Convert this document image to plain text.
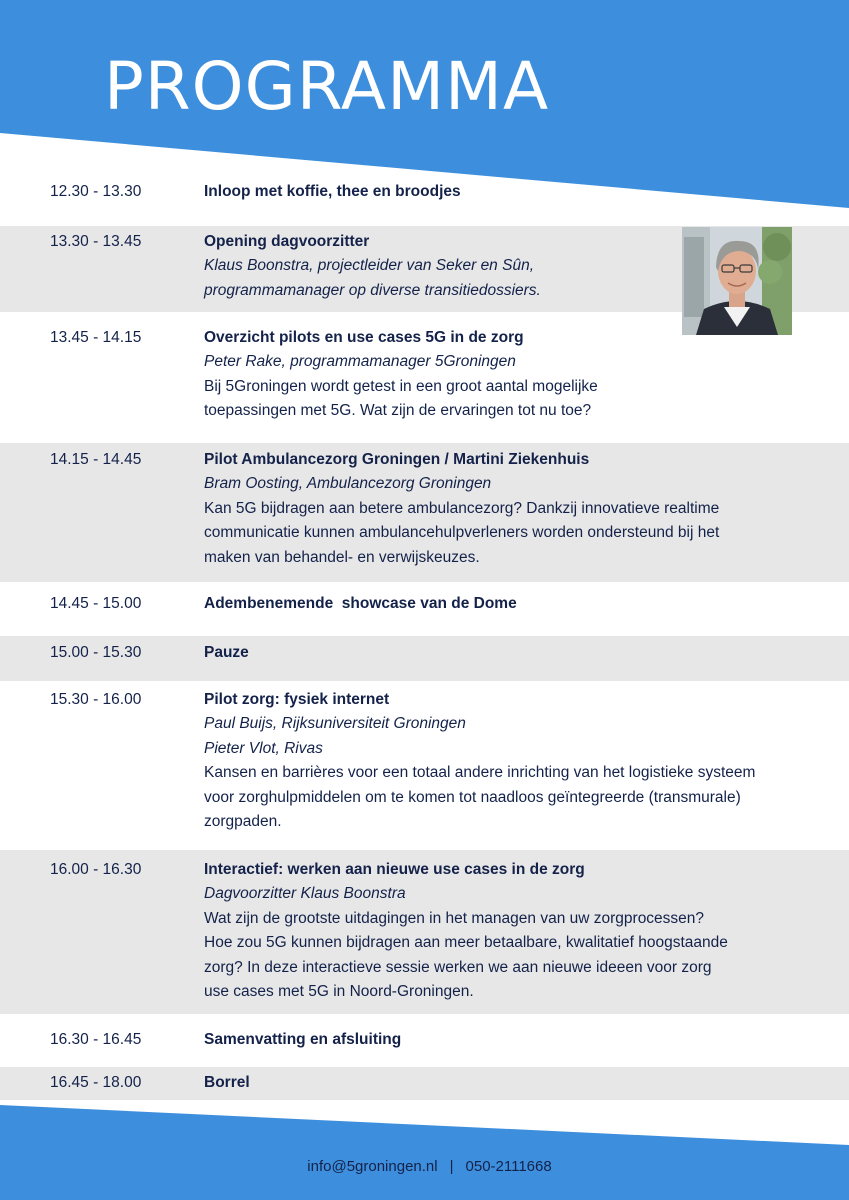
PROGRAMMA
12.30 - 13.30	Inloop met koffie, thee en broodjes
13.30 - 13.45	Opening dagvoorzitter
Klaus Boonstra, projectleider van Seker en Sûn,
programmamanager op diverse transitiedossiers.
13.45 - 14.15	Overzicht pilots en use cases 5G in de zorg
Peter Rake, programmamanager 5Groningen
Bij 5Groningen wordt getest in een groot aantal mogelijke
toepassingen met 5G. Wat zijn de ervaringen tot nu toe?
14.15 - 14.45	Pilot Ambulancezorg Groningen / Martini Ziekenhuis
Bram Oosting, Ambulancezorg Groningen
Kan 5G bijdragen aan betere ambulancezorg? Dankzij innovatieve realtime
communicatie kunnen ambulancehulpverleners worden ondersteund bij het
maken van behandel- en verwijskeuzes.
14.45 - 15.00	Adembenemende  showcase van de Dome
15.00 - 15.30	Pauze
15.30 - 16.00	Pilot zorg: fysiek internet
Paul Buijs, Rijksuniversiteit Groningen
Pieter Vlot, Rivas
Kansen en barrières voor een totaal andere inrichting van het logistieke systeem
voor zorghulpmiddelen om te komen tot naadloos geïntegreerde (transmurale)
zorgpaden.
16.00 - 16.30	Interactief: werken aan nieuwe use cases in de zorg
Dagvoorzitter Klaus Boonstra
Wat zijn de grootste uitdagingen in het managen van uw zorgprocessen?
Hoe zou 5G kunnen bijdragen aan meer betaalbare, kwalitatief hoogstaande
zorg? In deze interactieve sessie werken we aan nieuwe ideeen voor zorg
use cases met 5G in Noord-Groningen.
16.30 - 16.45	Samenvatting en afsluiting
16.45 - 18.00	Borrel
info@5groningen.nl | 050-2111668
